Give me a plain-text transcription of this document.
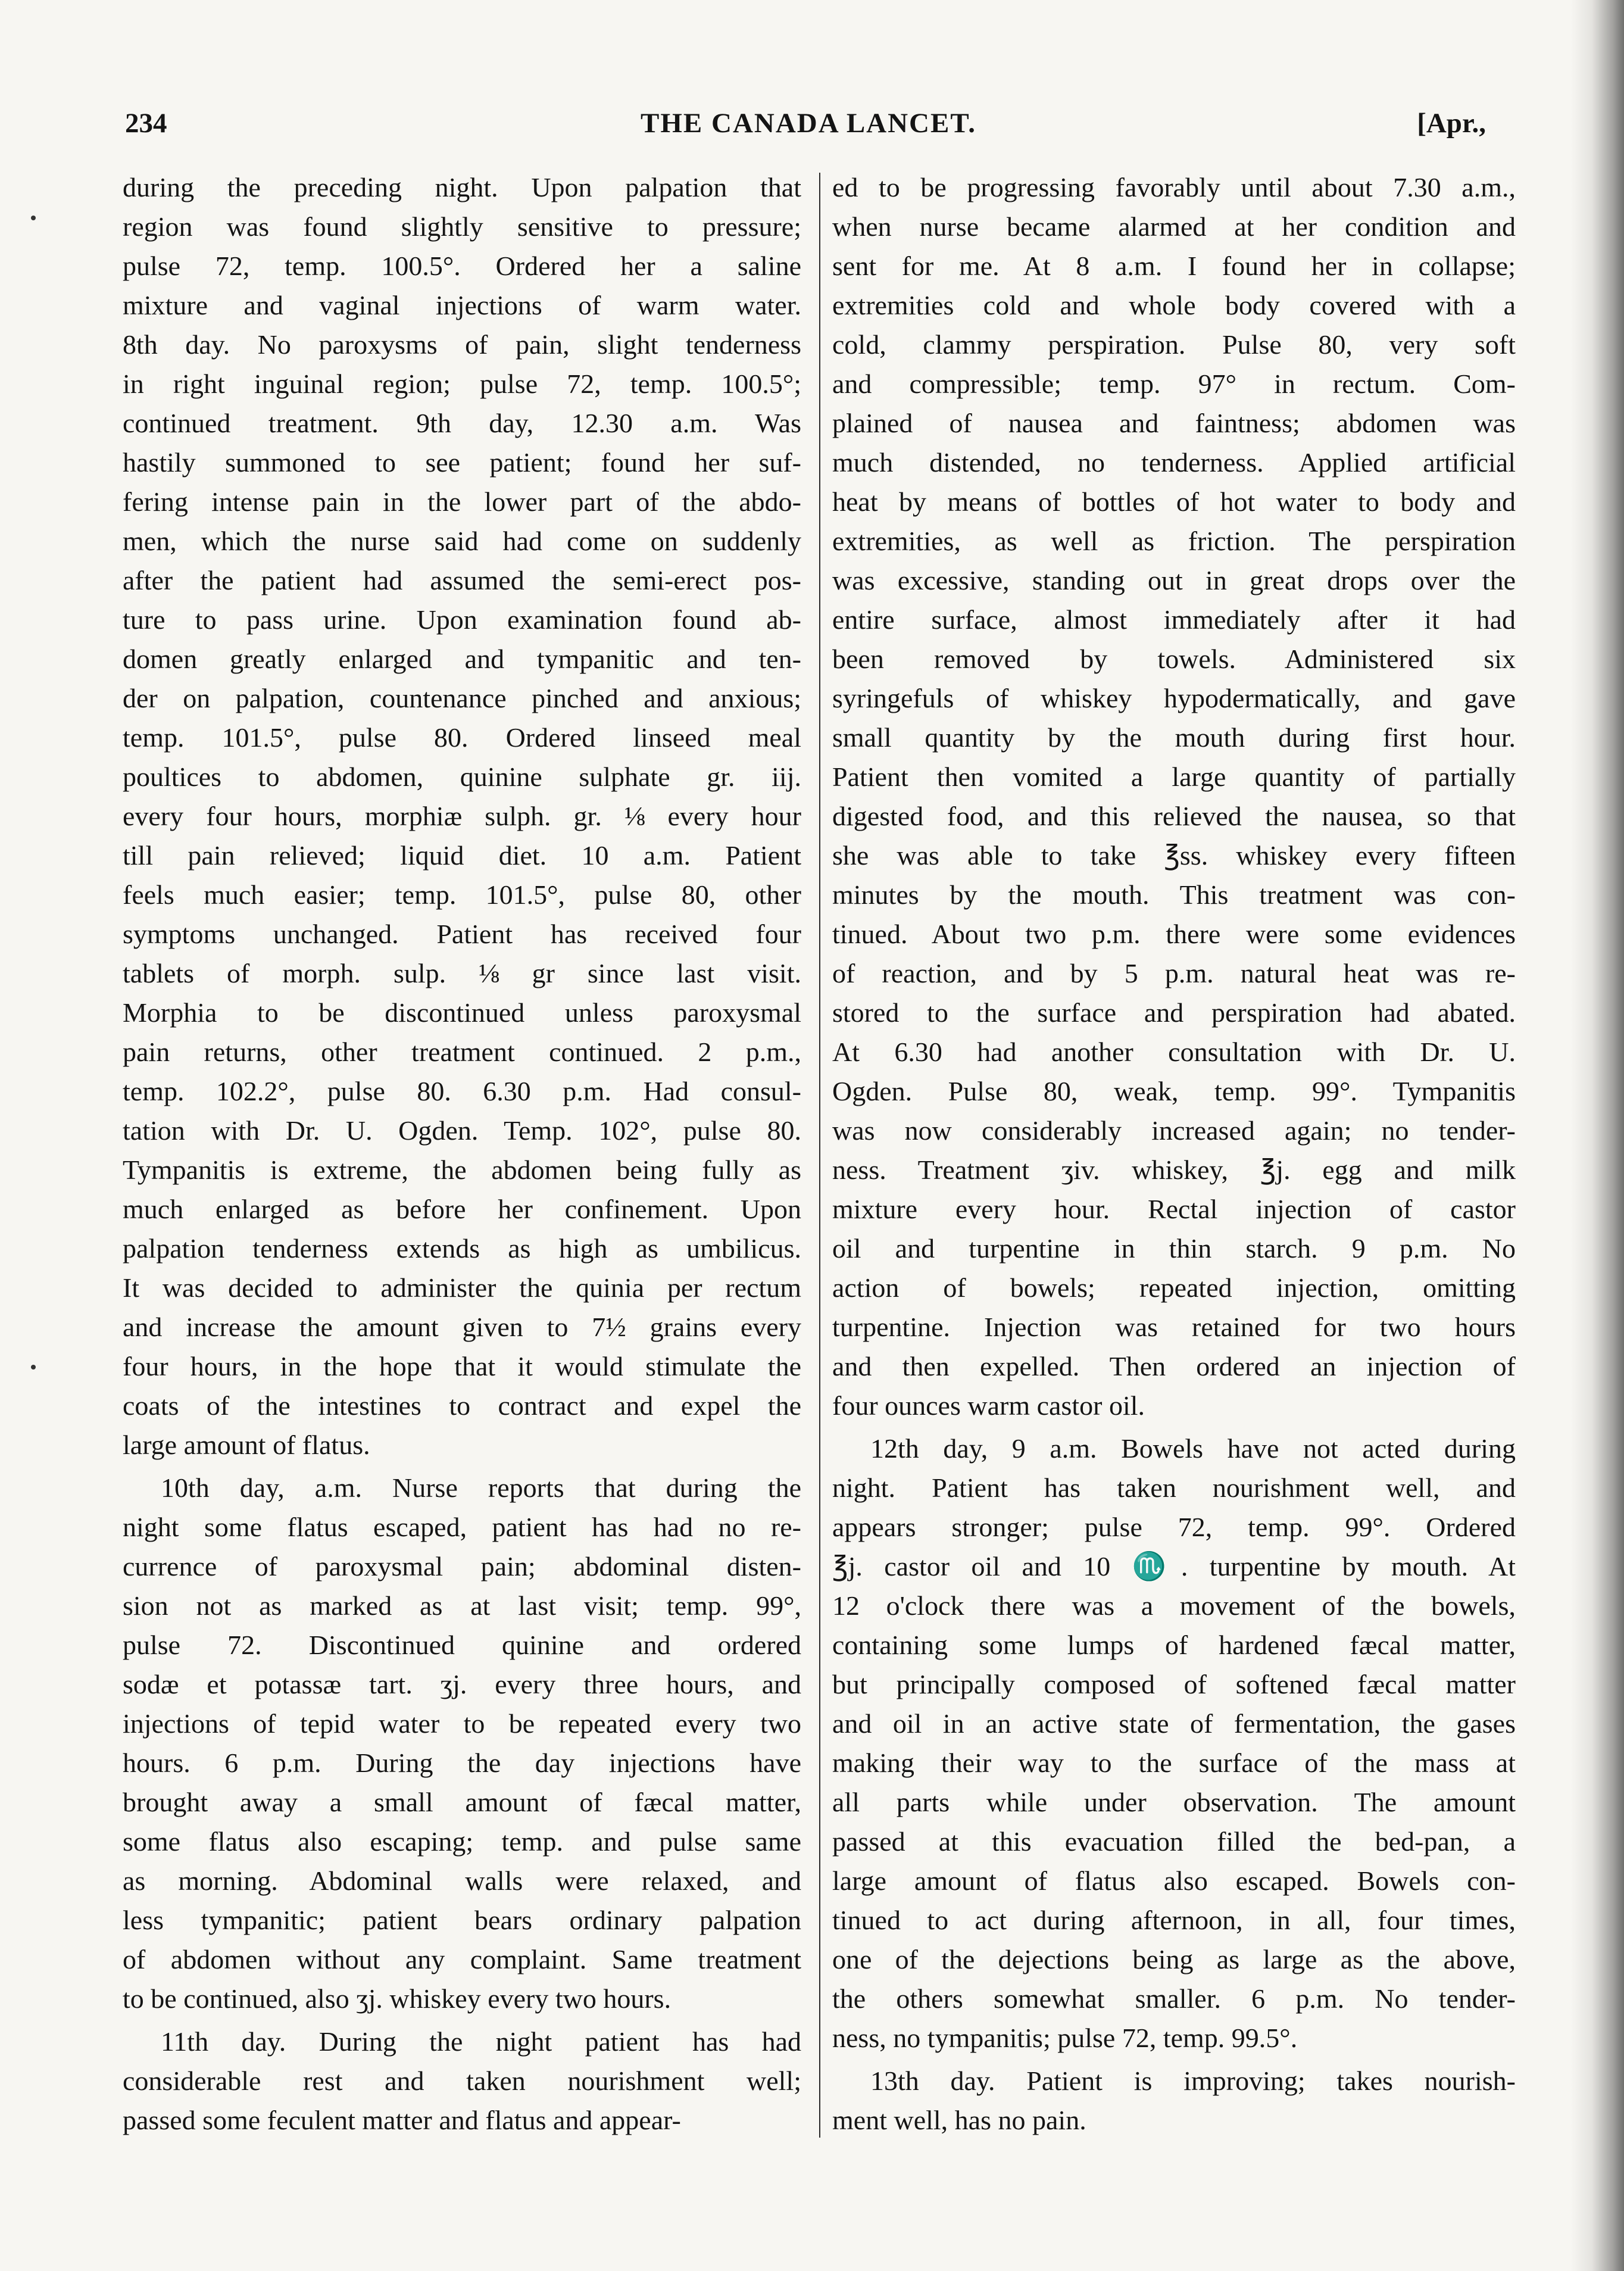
234	THE CANADA LANCET.	[Apr.,
during the preceding night. Upon palpation that
region was found slightly sensitive to pressure;
pulse 72, temp. 100.5°. Ordered her a saline
mixture and vaginal injections of warm water.
8th day. No paroxysms of pain, slight tenderness
in right inguinal region; pulse 72, temp. 100.5°;
continued treatment. 9th day, 12.30 a.m. Was
hastily summoned to see patient; found her suf-
fering intense pain in the lower part of the abdo-
men, which the nurse said had come on suddenly
after the patient had assumed the semi-erect pos-
ture to pass urine. Upon examination found ab-
domen greatly enlarged and tympanitic and ten-
der on palpation, countenance pinched and anxious;
temp. 101.5°, pulse 80. Ordered linseed meal
poultices to abdomen, quinine sulphate gr. iij.
every four hours, morphiæ sulph. gr. ⅛ every hour
till pain relieved; liquid diet. 10 a.m. Patient
feels much easier; temp. 101.5°, pulse 80, other
symptoms unchanged. Patient has received four
tablets of morph. sulp. ⅛ gr since last visit.
Morphia to be discontinued unless paroxysmal
pain returns, other treatment continued. 2 p.m.,
temp. 102.2°, pulse 80. 6.30 p.m. Had consul-
tation with Dr. U. Ogden. Temp. 102°, pulse 80.
Tympanitis is extreme, the abdomen being fully as
much enlarged as before her confinement. Upon
palpation tenderness extends as high as umbilicus.
It was decided to administer the quinia per rectum
and increase the amount given to 7½ grains every
four hours, in the hope that it would stimulate the
coats of the intestines to contract and expel the
large amount of flatus.
10th day, a.m. Nurse reports that during the
night some flatus escaped, patient has had no re-
currence of paroxysmal pain; abdominal disten-
sion not as marked as at last visit; temp. 99°,
pulse 72. Discontinued quinine and ordered
sodæ et potassæ tart. ʒj. every three hours, and
injections of tepid water to be repeated every two
hours. 6 p.m. During the day injections have
brought away a small amount of fæcal matter,
some flatus also escaping; temp. and pulse same
as morning. Abdominal walls were relaxed, and
less tympanitic; patient bears ordinary palpation
of abdomen without any complaint. Same treatment
to be continued, also ʒj. whiskey every two hours.
11th day. During the night patient has had
considerable rest and taken nourishment well;
passed some feculent matter and flatus and appear-
ed to be progressing favorably until about 7.30 a.m.,
when nurse became alarmed at her condition and
sent for me. At 8 a.m. I found her in collapse;
extremities cold and whole body covered with a
cold, clammy perspiration. Pulse 80, very soft
and compressible; temp. 97° in rectum. Com-
plained of nausea and faintness; abdomen was
much distended, no tenderness. Applied artificial
heat by means of bottles of hot water to body and
extremities, as well as friction. The perspiration
was excessive, standing out in great drops over the
entire surface, almost immediately after it had
been removed by towels. Administered six
syringefuls of whiskey hypodermatically, and gave
small quantity by the mouth during first hour.
Patient then vomited a large quantity of partially
digested food, and this relieved the nausea, so that
she was able to take ℥ss. whiskey every fifteen
minutes by the mouth. This treatment was con-
tinued. About two p.m. there were some evidences
of reaction, and by 5 p.m. natural heat was re-
stored to the surface and perspiration had abated.
At 6.30 had another consultation with Dr. U.
Ogden. Pulse 80, weak, temp. 99°. Tympanitis
was now considerably increased again; no tender-
ness. Treatment ʒiv. whiskey, ℥j. egg and milk
mixture every hour. Rectal injection of castor
oil and turpentine in thin starch. 9 p.m. No
action of bowels; repeated injection, omitting
turpentine. Injection was retained for two hours
and then expelled. Then ordered an injection of
four ounces warm castor oil.
12th day, 9 a.m. Bowels have not acted during
night. Patient has taken nourishment well, and
appears stronger; pulse 72, temp. 99°. Ordered
℥j. castor oil and 10 ♏. turpentine by mouth. At
12 o'clock there was a movement of the bowels,
containing some lumps of hardened fæcal matter,
but principally composed of softened fæcal matter
and oil in an active state of fermentation, the gases
making their way to the surface of the mass at
all parts while under observation. The amount
passed at this evacuation filled the bed-pan, a
large amount of flatus also escaped. Bowels con-
tinued to act during afternoon, in all, four times,
one of the dejections being as large as the above,
the others somewhat smaller. 6 p.m. No tender-
ness, no tympanitis; pulse 72, temp. 99.5°.
13th day. Patient is improving; takes nourish-
ment well, has no pain.
